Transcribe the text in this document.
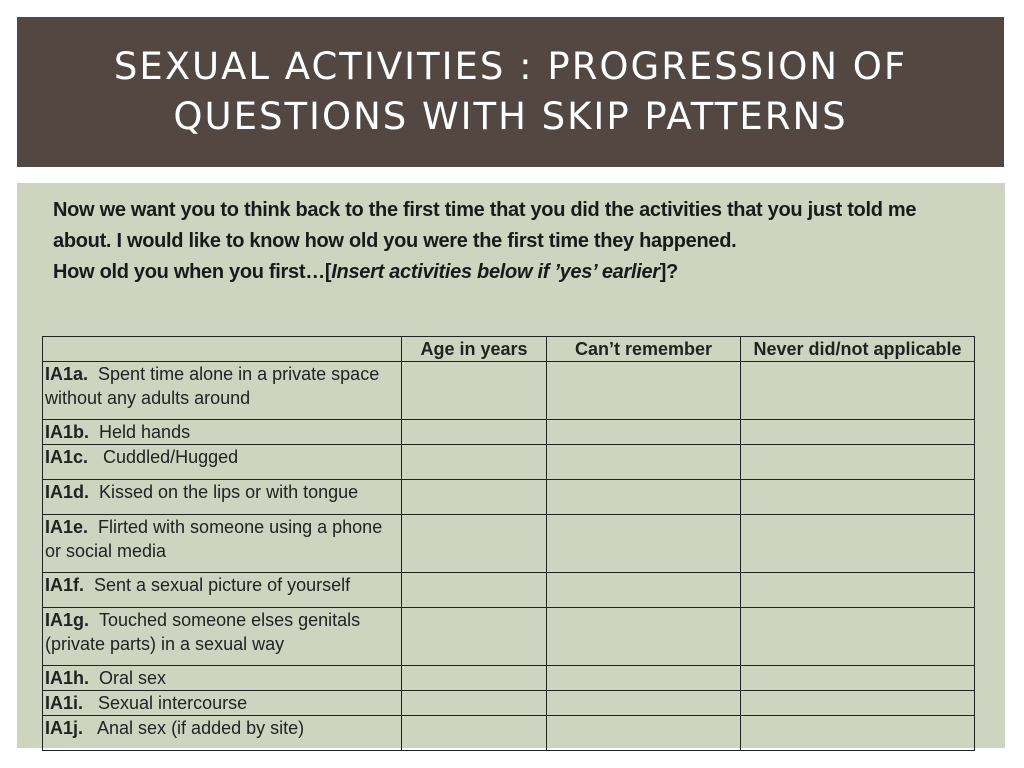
SEXUAL ACTIVITIES : PROGRESSION OF
QUESTIONS WITH SKIP PATTERNS

Now we want you to think back to the first time that you did the activities that you just told me about. I would like to know how old you were the first time they happened.

How old you when you first…[Insert activities below if ’yes’ earlier]?

	Age in years	Can’t remember	Never did/not applicable
IA1a. Spent time alone in a private space without any adults around			
IA1b. Held hands			
IA1c. Cuddled/Hugged			
IA1d. Kissed on the lips or with tongue			
IA1e. Flirted with someone using a phone or social media			
IA1f. Sent a sexual picture of yourself			
IA1g. Touched someone elses genitals (private parts) in a sexual way			
IA1h. Oral sex			
IA1i. Sexual intercourse			
IA1j. Anal sex (if added by site)			
